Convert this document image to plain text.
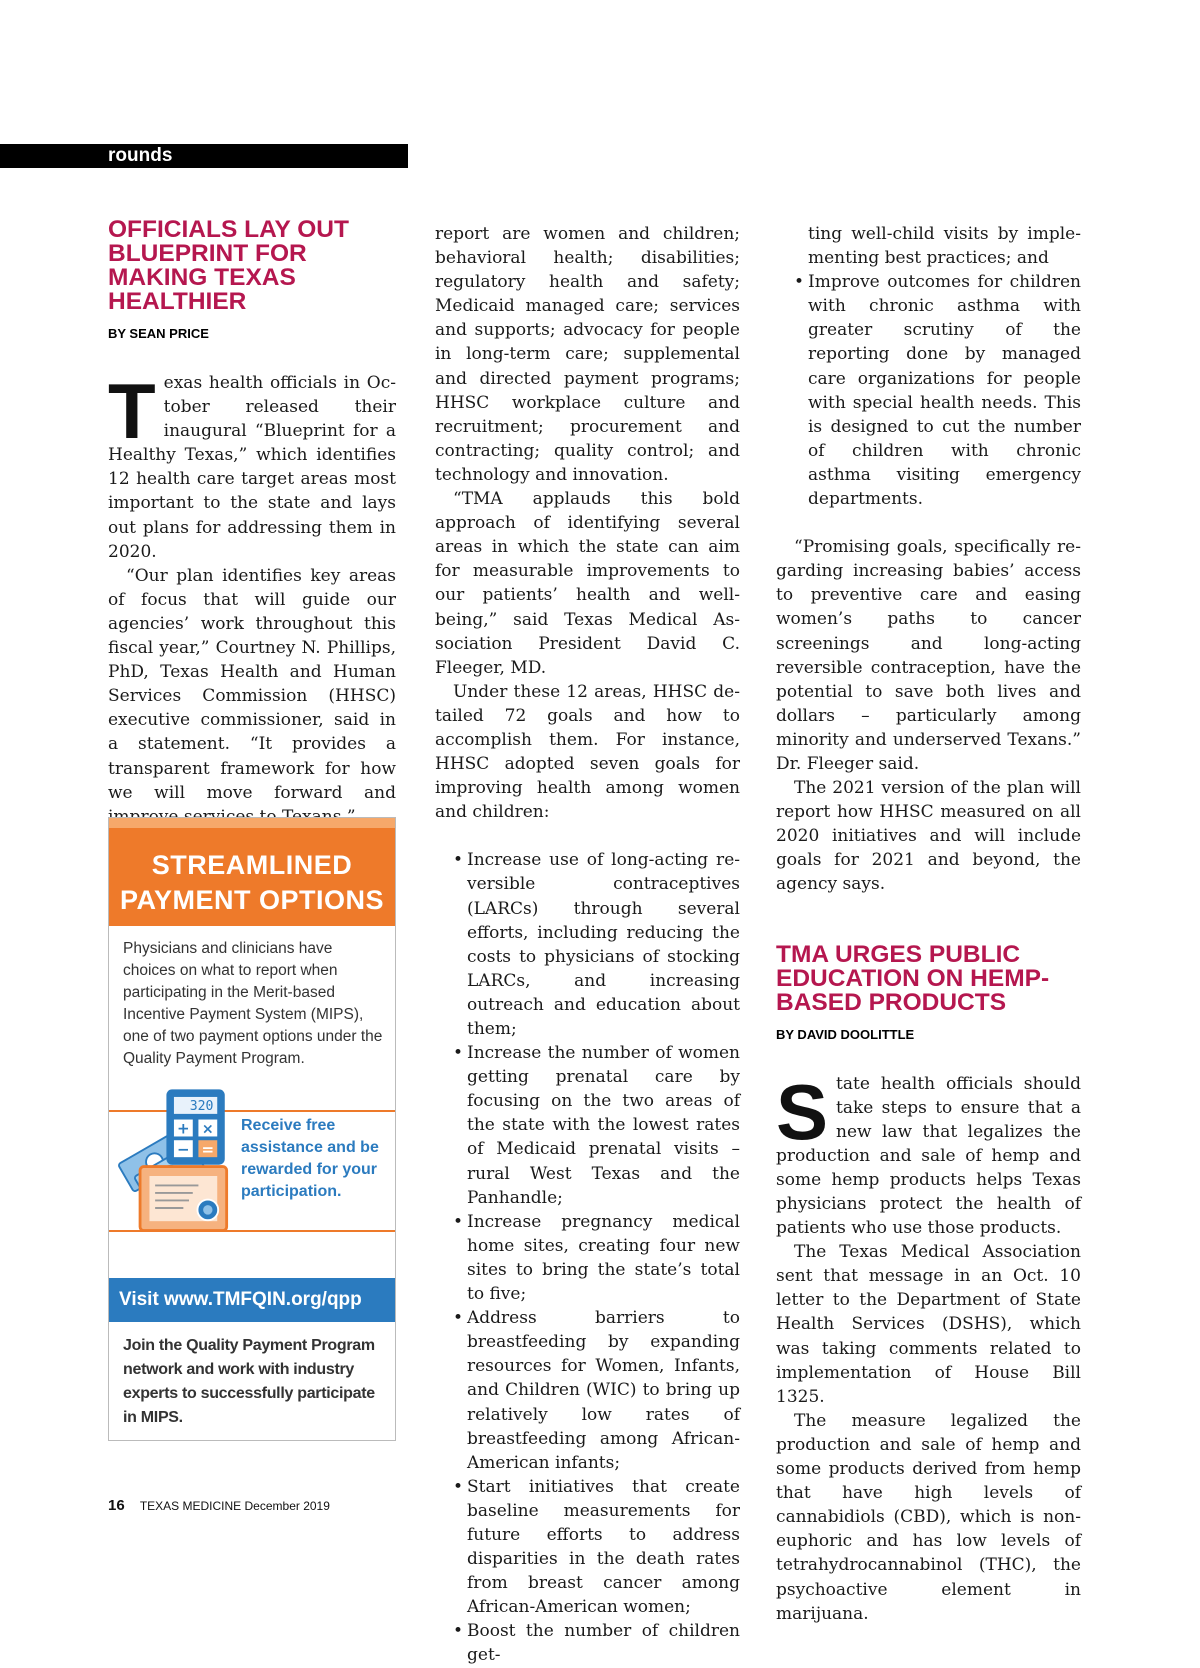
rounds
OFFICIALS LAY OUT BLUEPRINT FOR MAKING TEXAS HEALTHIER
BY SEAN PRICE

Texas health officials in October released their inaugural “Blueprint for a Healthy Texas,” which identifies 12 health care target areas most important to the state and lays out plans for addressing them in 2020.

“Our plan identifies key areas of focus that will guide our agencies’ work throughout this fiscal year,” Courtney N. Phillips, PhD, Texas Health and Human Services Commission (HHSC) executive commissioner, said in a statement. “It provides a transparent framework for how we will move forward and

STREAMLINED
PAYMENT OPTIONS
Physicians and clinicians have choices on what to report when participating in the Merit-based Incentive Payment System (MIPS), one of two payment options under the Quality Payment Program.
320
+ ×
− =
Receive free assistance and be rewarded for your participation.
Visit www.TMFQIN.org/qpp
Join the Quality Payment Program network and work with industry experts to successfully participate in MIPS.

report are women and children; behavioral health; disabilities; regulatory health and safety; Medicaid managed care; services and supports; advocacy for people in long-term care; supplemental and directed payment programs; HHSC workplace culture and recruitment; procurement and contracting; quality control; and technology and innovation.

“TMA applauds this bold approach of identifying several areas in which the state can aim for measurable improvements to our patients’ health and well-being,” said Texas Medical Association President David C. Fleeger, MD.

Under these 12 areas, HHSC detailed 72 goals and how to accomplish them. For instance, HHSC adopted seven goals for improving health among women and children:

• Increase use of long-acting reversible contraceptives (LARCs) through several efforts, including reducing the costs to physicians of stocking LARCs, and increasing outreach and education about them;
• Increase the number of women getting prenatal care by focusing on the two areas of the state with the lowest rates of Medicaid prenatal visits – rural West Texas and the Panhandle;
• Increase pregnancy medical home sites, creating four new sites to bring the state’s total to five;
• Address barriers to breastfeeding by expanding resources for Women, Infants, and Children (WIC) to bring up relatively low rates of breastfeeding among African-American infants;
• Start initiatives that create baseline measurements for future efforts to address disparities in the death rates from breast cancer among African-American women;
• Boost the number of children get-
ting well-child visits by implementing best practices; and
• Improve outcomes for children with chronic asthma with greater scrutiny of the reporting done by managed care organizations for people with special health needs. This is designed to cut the number of children with chronic asthma visiting emergency departments.

“Promising goals, specifically regarding increasing babies’ access to preventive care and easing women’s paths to cancer screenings and long-acting reversible contraception, have the potential to save both lives and dollars – particularly among minority and underserved Texans.” Dr. Fleeger said.

The 2021 version of the plan will report how HHSC measured on all 2020 initiatives and will include goals for 2021 and beyond, the agency says.

TMA URGES PUBLIC EDUCATION ON HEMP-BASED PRODUCTS
BY DAVID DOOLITTLE

State health officials should take steps to ensure that a new law that legalizes the production and sale of hemp and some hemp products helps Texas physicians protect the health of patients who use those products.

The Texas Medical Association sent that message in an Oct. 10 letter to the Department of State Health Services (DSHS), which was taking comments related to implementation of House Bill 1325.

The measure legalized the production and sale of hemp and some products derived from hemp that have high levels of cannabidiols (CBD), which is non-euphoric and has low levels of tetrahydrocannabinol (THC), the psychoactive element in marijuana.

16 TEXAS MEDICINE December 2019
